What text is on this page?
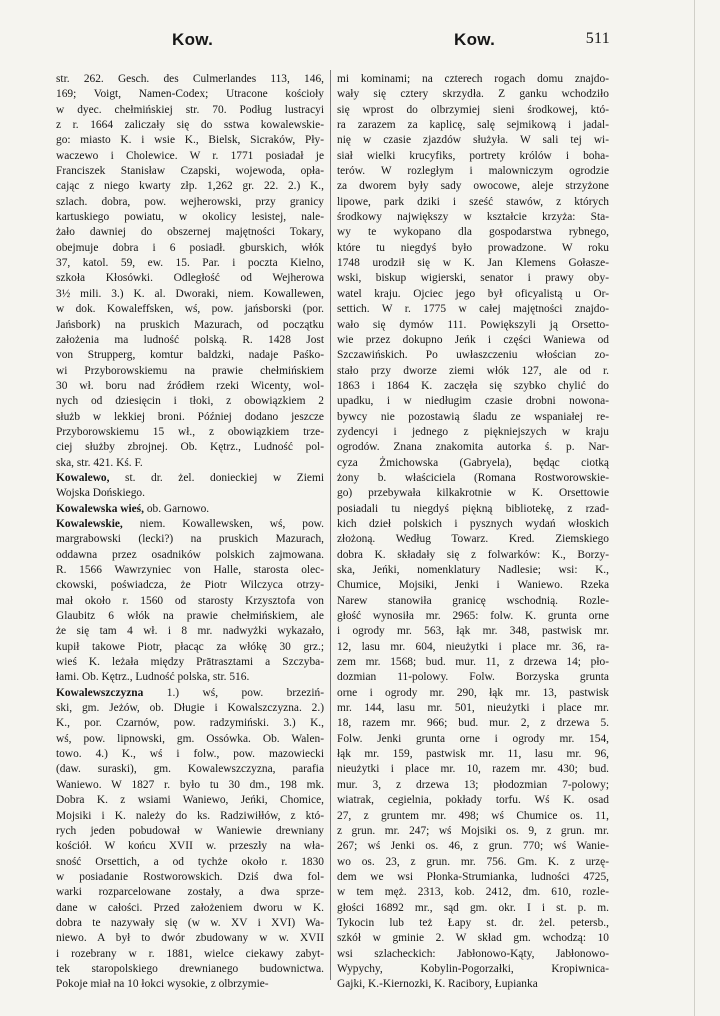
Kow.	Kow.	511
str. 262. Gesch. des Culmerlandes 113, 146,
169; Voigt, Namen-Codex; Utracone kościoły
w dyec. chełmińskiej str. 70. Podług lustracyi
z r. 1664 zaliczały się do sstwa kowalewskie-
go: miasto K. i wsie K., Bielsk, Sicraków, Pły-
waczewo i Cholewice. W r. 1771 posiadał je
Franciszek Stanisław Czapski, wojewoda, opła-
cając z niego kwarty złp. 1,262 gr. 22. 2.) K.,
szlach. dobra, pow. wejherowski, przy granicy
kartuskiego powiatu, w okolicy lesistej, nale-
żało dawniej do obszernej majętności Tokary,
obejmuje dobra i 6 posiadł. gburskich, włók
37, katol. 59, ew. 15. Par. i poczta Kielno,
szkoła Kłosówki. Odległość od Wejherowa
3½ mili. 3.) K. al. Dworaki, niem. Kowallewen,
w dok. Kowaleffsken, wś, pow. jańsborski (por.
Jańsbork) na pruskich Mazurach, od początku
założenia ma ludność polską. R. 1428 Jost
von Strupperg, komtur baldzki, nadaje Paśko-
wi Przyborowskiemu na prawie chełmińskiem
30 wł. boru nad źródłem rzeki Wicenty, wol-
nych od dziesięcin i tłoki, z obowiązkiem 2
służb w lekkiej broni. Później dodano jeszcze
Przyborowskiemu 15 wł., z obowiązkiem trze-
ciej służby zbrojnej. Ob. Kętrz., Ludność pol-
ska, str. 421. Kś. F.
Kowalewo, st. dr. żel. donieckiej w Ziemi
Wojska Dońskiego.
Kowalewska wieś, ob. Garnowo.
Kowalewskie, niem. Kowallewsken, wś, pow.
margrabowski (lecki?) na pruskich Mazurach,
oddawna przez osadników polskich zajmowana.
R. 1566 Wawrzyniec von Halle, starosta olec-
ckowski, poświadcza, że Piotr Wilczyca otrzy-
mał około r. 1560 od starosty Krzysztofa von
Glaubitz 6 włók na prawie chełmińskiem, ale
że się tam 4 wł. i 8 mr. nadwyżki wykazało,
kupił takowe Piotr, płacąc za włókę 30 grz.;
wieś K. leżała między Prātrasztami a Szczyba-
łami. Ob. Kętrz., Ludność polska, str. 516.
Kowalewszczyzna 1.) wś, pow. brzeziń-
ski, gm. Jeżów, ob. Długie i Kowalszczyzna. 2.)
K., por. Czarnów, pow. radzymiński. 3.) K.,
wś, pow. lipnowski, gm. Ossówka. Ob. Walen-
towo. 4.) K., wś i folw., pow. mazowiecki
(daw. suraski), gm. Kowalewszczyzna, parafia
Waniewo. W 1827 r. było tu 30 dm., 198 mk.
Dobra K. z wsiami Waniewo, Jeńki, Chomice,
Mojsiki i K. należy do ks. Radziwiłłów, z któ-
rych jeden pobudował w Waniewie drewniany
kościół. W końcu XVII w. przeszły na wła-
sność Orsettich, a od tychże około r. 1830
w posiadanie Rostworowskich. Dziś dwa fol-
warki rozparcelowane zostały, a dwa sprze-
dane w całości. Przed założeniem dworu w K.
dobra te nazywały się (w w. XV i XVI) Wa-
niewo. A był to dwór zbudowany w w. XVII
i rozebrany w r. 1881, wielce ciekawy zabyt-
tek staropolskiego drewnianego budownictwa.
Pokoje miał na 10 łokci wysokie, z olbrzymie-
mi kominami; na czterech rogach domu znajdo-
wały się cztery skrzydła. Z ganku wchodziło
się wprost do olbrzymiej sieni środkowej, któ-
ra zarazem za kaplicę, salę sejmikową i jadal-
nię w czasie zjazdów służyła. W sali tej wi-
siał wielki krucyfiks, portrety królów i boha-
terów. W rozległym i malowniczym ogrodzie
za dworem były sady owocowe, aleje strzyżone
lipowe, park dziki i sześć stawów, z których
środkowy największy w kształcie krzyża: Sta-
wy te wykopano dla gospodarstwa rybnego,
które tu niegdyś było prowadzone. W roku
1748 urodził się w K. Jan Klemens Gołasze-
wski, biskup wigierski, senator i prawy oby-
watel kraju. Ojciec jego był oficyalistą u Or-
settich. W r. 1775 w całej majętności znajdo-
wało się dymów 111. Powiększyli ją Orsetto-
wie przez dokupno Jeńk i części Waniewa od
Szczawińskich. Po uwłaszczeniu włościan zo-
stało przy dworze ziemi włók 127, ale od r.
1863 i 1864 K. zaczęła się szybko chylić do
upadku, i w niedługim czasie drobni nowona-
bywcy nie pozostawią śladu ze wspaniałej re-
zydencyi i jednego z piękniejszych w kraju
ogrodów. Znana znakomita autorka ś. p. Nar-
cyza Żmichowska (Gabryela), będąc ciotką
żony b. właściciela (Romana Rostworowskie-
go) przebywała kilkakrotnie w K. Orsettowie
posiadali tu niegdyś piękną bibliotekę, z rzad-
kich dzieł polskich i pysznych wydań włoskich
złożoną. Według Towarz. Kred. Ziemskiego
dobra K. składały się z folwarków: K., Borzy-
ska, Jeńki, nomenklatury Nadlesie; wsi: K.,
Chumice, Mojsiki, Jenki i Waniewo. Rzeka
Narew stanowiła granicę wschodnią. Rozle-
głość wynosiła mr. 2965: folw. K. grunta orne
i ogrody mr. 563, łąk mr. 348, pastwisk mr.
12, lasu mr. 604, nieużytki i place mr. 36, ra-
zem mr. 1568; bud. mur. 11, z drzewa 14; pło-
dozmian 11-polowy. Folw. Borzyska grunta
orne i ogrody mr. 290, łąk mr. 13, pastwisk
mr. 144, lasu mr. 501, nieużytki i place mr.
18, razem mr. 966; bud. mur. 2, z drzewa 5.
Folw. Jenki grunta orne i ogrody mr. 154,
łąk mr. 159, pastwisk mr. 11, lasu mr. 96,
nieużytki i place mr. 10, razem mr. 430; bud.
mur. 3, z drzewa 13; płodozmian 7-polowy;
wiatrak, cegielnia, pokłady torfu. Wś K. osad
27, z gruntem mr. 498; wś Chumice os. 11,
z grun. mr. 247; wś Mojsiki os. 9, z grun. mr.
267; wś Jenki os. 46, z grun. 770; wś Wanie-
wo os. 23, z grun. mr. 756. Gm. K. z urzę-
dem we wsi Płonka-Strumianka, ludności 4725,
w tem męż. 2313, kob. 2412, dm. 610, rozle-
głości 16892 mr., sąd gm. okr. I i st. p. m.
Tykocin lub też Łapy st. dr. żel. petersb.,
szkół w gminie 2. W skład gm. wchodzą: 10
wsi szlacheckich: Jabłonowo-Kąty, Jabłonowo-
Wypychy, Kobylin-Pogorzałki, Kropiwnica-
Gajki, K.-Kiernozki, K. Racibory, Łupianka
